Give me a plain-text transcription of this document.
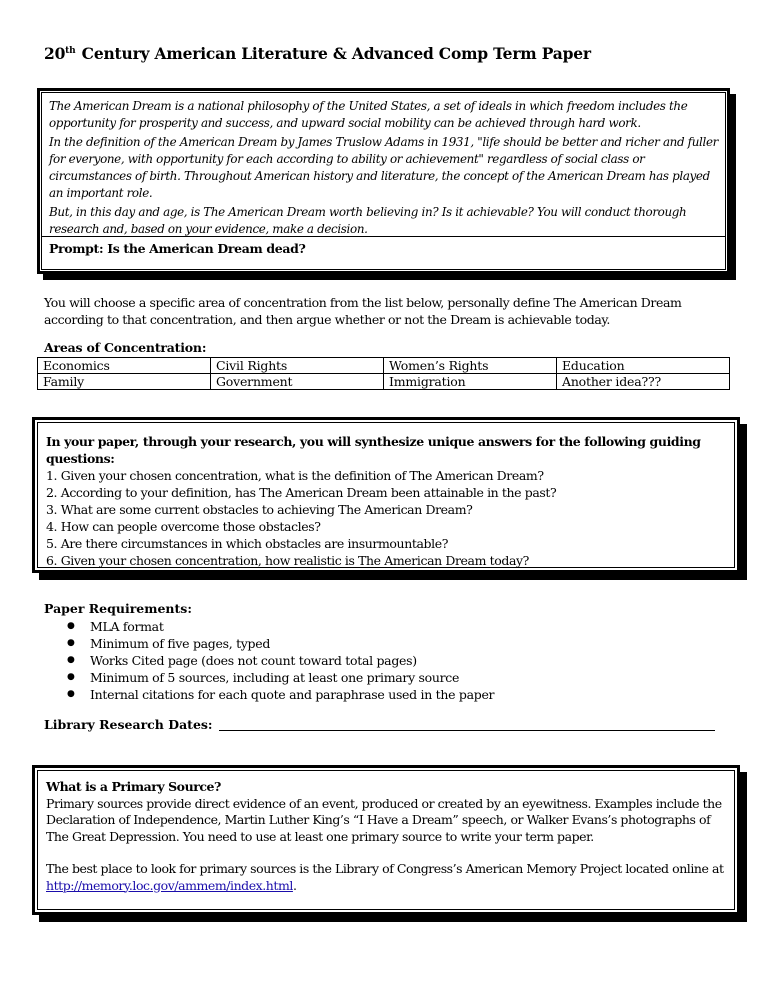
20th Century American Literature & Advanced Comp Term Paper

The American Dream is a national philosophy of the United States, a set of ideals in which freedom includes the opportunity for prosperity and success, and upward social mobility can be achieved through hard work.

In the definition of the American Dream by James Truslow Adams in 1931, "life should be better and richer and fuller for everyone, with opportunity for each according to ability or achievement" regardless of social class or circumstances of birth. Throughout American history and literature, the concept of the American Dream has played an important role.

But, in this day and age, is The American Dream worth believing in? Is it achievable? You will conduct thorough research and, based on your evidence, make a decision.

Prompt: Is the American Dream dead?

You will choose a specific area of concentration from the list below, personally define The American Dream according to that concentration, and then argue whether or not the Dream is achievable today.
Areas of Concentration:
Economics	Civil Rights	Women’s Rights	Education
Family	Government	Immigration	Another idea???
In your paper, through your research, you will synthesize unique answers for the following guiding questions:
1. Given your chosen concentration, what is the definition of The American Dream?
2. According to your definition, has The American Dream been attainable in the past?
3. What are some current obstacles to achieving The American Dream?
4. How can people overcome those obstacles?
5. Are there circumstances in which obstacles are insurmountable?
6. Given your chosen concentration, how realistic is The American Dream today?
Paper Requirements:
● MLA format
● Minimum of five pages, typed
● Works Cited page (does not count toward total pages)
● Minimum of 5 sources, including at least one primary source
● Internal citations for each quote and paraphrase used in the paper
Library Research Dates:
What is a Primary Source?

Primary sources provide direct evidence of an event, produced or created by an eyewitness. Examples include the Declaration of Independence, Martin Luther King’s “I Have a Dream” speech, or Walker Evans’s photographs of The Great Depression. You need to use at least one primary source to write your term paper.

The best place to look for primary sources is the Library of Congress’s American Memory Project located online at http://memory.loc.gov/ammem/index.html.
